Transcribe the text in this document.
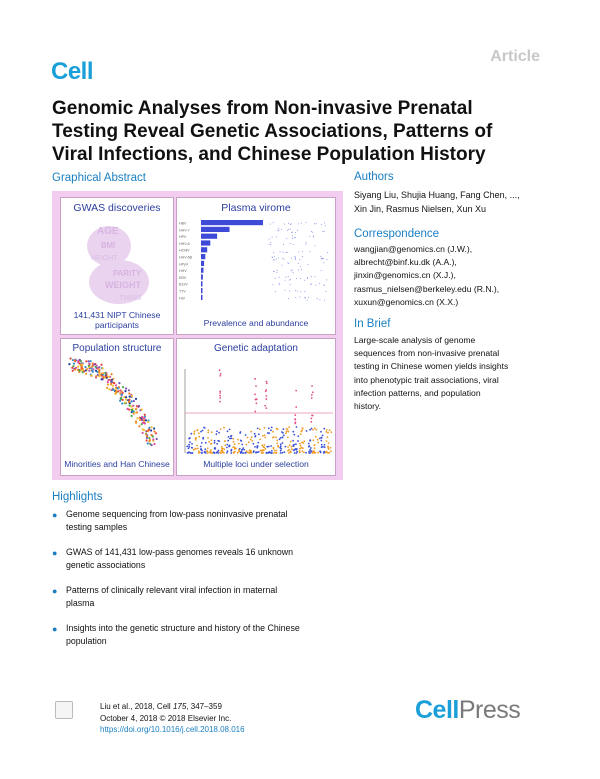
Cell
Article
Genomic Analyses from Non-invasive Prenatal
Testing Reveal Genetic Associations, Patterns of
Viral Infections, and Chinese Population History
Graphical Abstract
GWAS discoveries
AGE
BMI
HEIGHT
PARITY
WEIGHT
TWINS
141,431 NIPT Chinese
participants
Plasma virome
HBV
HHV-7
HPV
HHV-6
HCMV
HHV-6B
HPyV
HHV
EBV
B19V
TTV
HIV
Prevalence and abundance
Population structure
Minorities and Han Chinese
Genetic adaptation
Multiple loci under selection
Authors
Siyang Liu, Shujia Huang, Fang Chen, ...,
Xin Jin, Rasmus Nielsen, Xun Xu
Correspondence
wangjian@genomics.cn (J.W.),
albrecht@binf.ku.dk (A.A.),
jinxin@genomics.cn (X.J.),
rasmus_nielsen@berkeley.edu (R.N.),
xuxun@genomics.cn (X.X.)
In Brief
Large-scale analysis of genome
sequences from non-invasive prenatal
testing in Chinese women yields insights
into phenotypic trait associations, viral
infection patterns, and population
history.
Highlights
● Genome sequencing from low-pass noninvasive prenatal
testing samples
● GWAS of 141,431 low-pass genomes reveals 16 unknown
genetic associations
● Patterns of clinically relevant viral infection in maternal
plasma
● Insights into the genetic structure and history of the Chinese
population
Liu et al., 2018, Cell 175, 347–359
October 4, 2018 © 2018 Elsevier Inc.
https://doi.org/10.1016/j.cell.2018.08.016
CellPress
